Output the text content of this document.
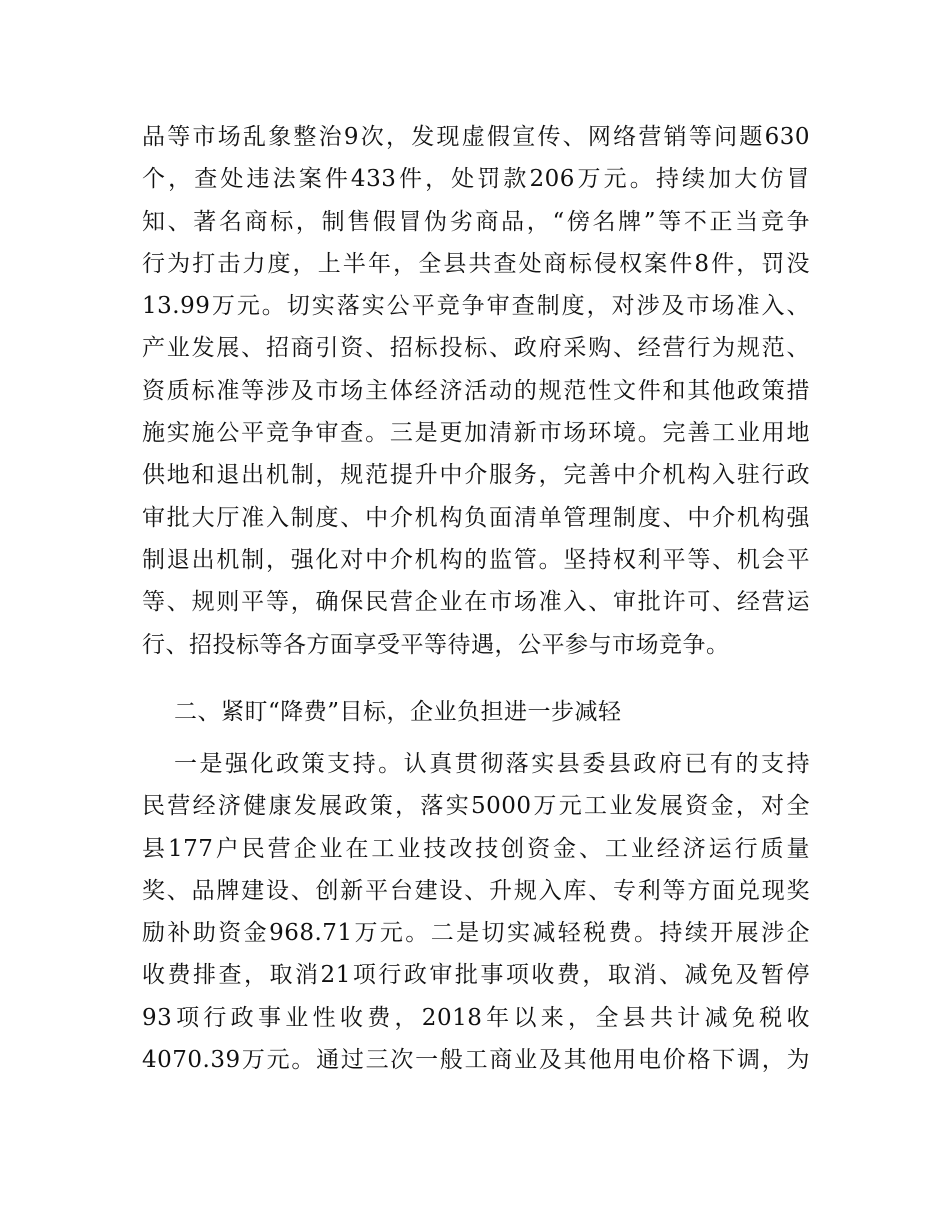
品等市场乱象整治9次，发现虚假宣传、网络营销等问题630
个，查处违法案件433件，处罚款206万元。持续加大仿冒
知、著名商标，制售假冒伪劣商品，“傍名牌”等不正当竞争
行为打击力度，上半年，全县共查处商标侵权案件8件，罚没
13.99万元。切实落实公平竞争审查制度，对涉及市场准入、
产业发展、招商引资、招标投标、政府采购、经营行为规范、
资质标准等涉及市场主体经济活动的规范性文件和其他政策措
施实施公平竞争审查。三是更加清新市场环境。完善工业用地
供地和退出机制，规范提升中介服务，完善中介机构入驻行政
审批大厅准入制度、中介机构负面清单管理制度、中介机构强
制退出机制，强化对中介机构的监管。坚持权利平等、机会平
等、规则平等，确保民营企业在市场准入、审批许可、经营运
行、招投标等各方面享受平等待遇，公平参与市场竞争。
二、紧盯“降费”目标，企业负担进一步减轻
一是强化政策支持。认真贯彻落实县委县政府已有的支持
民营经济健康发展政策，落实5000万元工业发展资金，对全
县177户民营企业在工业技改技创资金、工业经济运行质量
奖、品牌建设、创新平台建设、升规入库、专利等方面兑现奖
励补助资金968.71万元。二是切实减轻税费。持续开展涉企
收费排查，取消21项行政审批事项收费，取消、减免及暂停
93项行政事业性收费，2018年以来，全县共计减免税收
4070.39万元。通过三次一般工商业及其他用电价格下调，为
